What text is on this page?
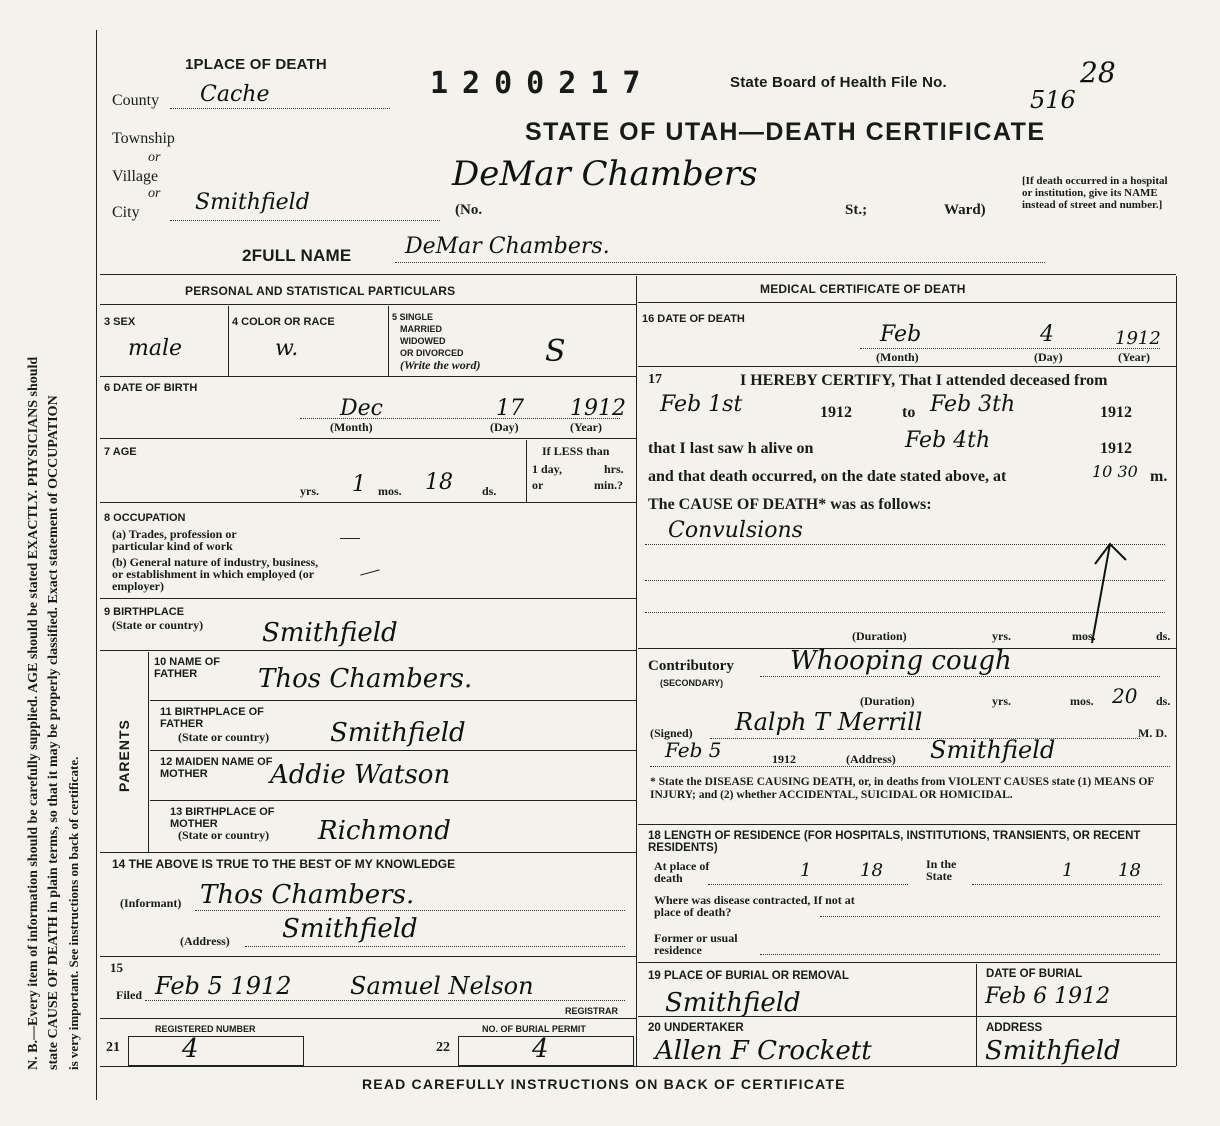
N. B.—Every item of information should be carefully supplied. AGE should be stated EXACTLY. PHYSICIANS should state CAUSE OF DEATH in plain terms, so that it may be properly classified. Exact statement of OCCUPATION is very important. See instructions on back of certificate.
1PLACE OF DEATH
County Cache
Township
or
Village
or
City	Smithfield	(No.	St.;	Ward)
1200217	State Board of Health File No.	28
516
STATE OF UTAH—DEATH CERTIFICATE
DeMar Chambers	[If death occurred in a hospital or institution, give its NAME instead of street and number.]
2FULL NAME DeMar Chambers.
PERSONAL AND STATISTICAL PARTICULARS
3 SEX
male
4 COLOR OR RACE
w.
5 SINGLE
MARRIED
WIDOWED
OR DIVORCED
(Write the word) S
6 DATE OF BIRTH
Dec	17 1912
(Month)	(Day)	(Year)
7 AGE
yrs. 1 mos. 18 ds.
If LESS than
1 day,	hrs.
or	min.?
8 OCCUPATION
(a) Trades, profession or particular kind of work
(b) General nature of industry, business, or establishment in which employed (or employer)
9 BIRTHPLACE
(State or country) Smithfield
PARENTS
10 NAME OF FATHER	Thos Chambers.
11 BIRTHPLACE OF FATHER
(State or country) Smithfield
12 MAIDEN NAME OF MOTHER	Addie Watson
13 BIRTHPLACE OF MOTHER
(State or country) Richmond
14 THE ABOVE IS TRUE TO THE BEST OF MY KNOWLEDGE
(Informant) Thos Chambers.
(Address) Smithfield
15
Filed Feb 5 1912 Samuel Nelson
REGISTRAR
REGISTERED NUMBER
21 4
NO. OF BURIAL PERMIT
22	4
MEDICAL CERTIFICATE OF DEATH
16 DATE OF DEATH
Feb	4	1912
(Month)	(Day)	(Year)
17	I HEREBY CERTIFY, That I attended deceased from
Feb 1st	1912	to Feb 3th	1912
that I last saw h alive on	Feb 4th	1912
and that death occurred, on the date stated above, at	10 30 m.
The CAUSE OF DEATH* was as follows:
Convulsions
(Duration)	yrs.	mos.	ds.
Contributory
(SECONDARY)
Whooping cough
(Duration)	yrs.	mos. 20 ds.
(Signed) Ralph T Merrill	M. D.
Feb 5	1912	(Address) Smithfield
* State the DISEASE CAUSING DEATH, or, in deaths from VIOLENT CAUSES state (1) MEANS OF INJURY; and (2) whether ACCIDENTAL, SUICIDAL OR HOMICIDAL.
18 LENGTH OF RESIDENCE (FOR HOSPITALS, INSTITUTIONS, TRANSIENTS, OR RECENT RESIDENTS)
At place of death	1	18	In the State	1 18
Where was disease contracted, If not at place of death?
Former or usual residence
19 PLACE OF BURIAL OR REMOVAL
Smithfield
DATE OF BURIAL
Feb 6 1912
20 UNDERTAKER
Allen F Crockett
ADDRESS
Smithfield
READ CAREFULLY INSTRUCTIONS ON BACK OF CERTIFICATE
